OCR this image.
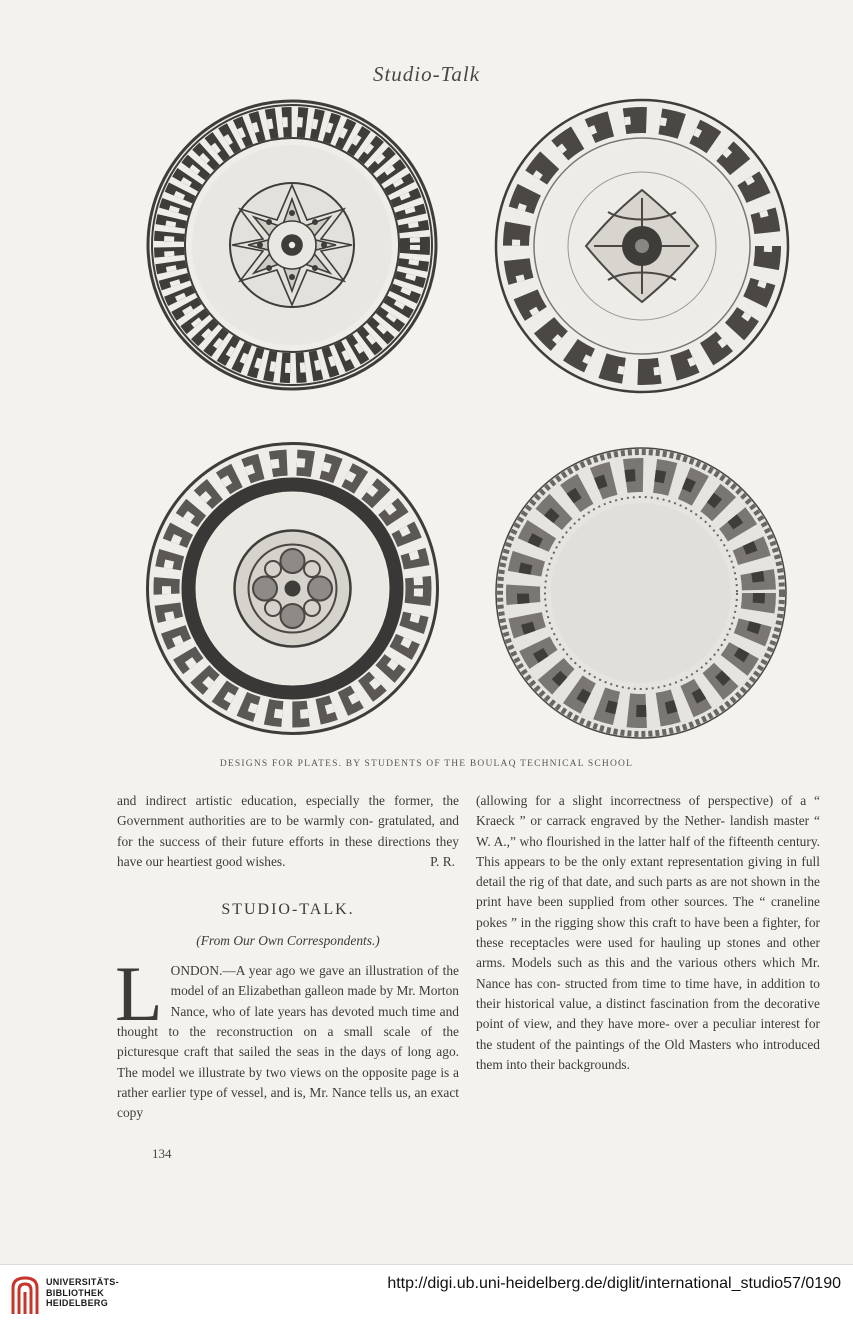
Studio-Talk
DESIGNS FOR PLATES. BY STUDENTS OF THE BOULAQ TECHNICAL SCHOOL

and indirect artistic education, especially the former, the Government authorities are to be warmly con- gratulated, and for the success of their future efforts in these directions they have our heartiest good wishes.	P. R.
STUDIO-TALK.
(From Our Own Correspondents.)

LONDON.—A year ago we gave an illustration of the model of an Elizabethan galleon made by Mr. Morton Nance, who of late years has devoted much time and thought to the reconstruction on a small scale of the picturesque craft that sailed the seas in the days of long ago. The model we illustrate by two views on the opposite page is a rather earlier type of vessel, and is, Mr. Nance tells us, an exact copy

(allowing for a slight incorrectness of perspective) of a “ Kraeck ” or carrack engraved by the Nether- landish master “ W. A.,” who flourished in the latter half of the fifteenth century. This appears to be the only extant representation giving in full detail the rig of that date, and such parts as are not shown in the print have been supplied from other sources. The “ craneline pokes ” in the rigging show this craft to have been a fighter, for these receptacles were used for hauling up stones and other arms. Models such as this and the various others which Mr. Nance has con- structed from time to time have, in addition to their historical value, a distinct fascination from the decorative point of view, and they have more- over a peculiar interest for the student of the paintings of the Old Masters who introduced them into their backgrounds.

134
UNIVERSITÄTS-
BIBLIOTHEK
HEIDELBERG
http://digi.ub.uni-heidelberg.de/diglit/international_studio57/0190
